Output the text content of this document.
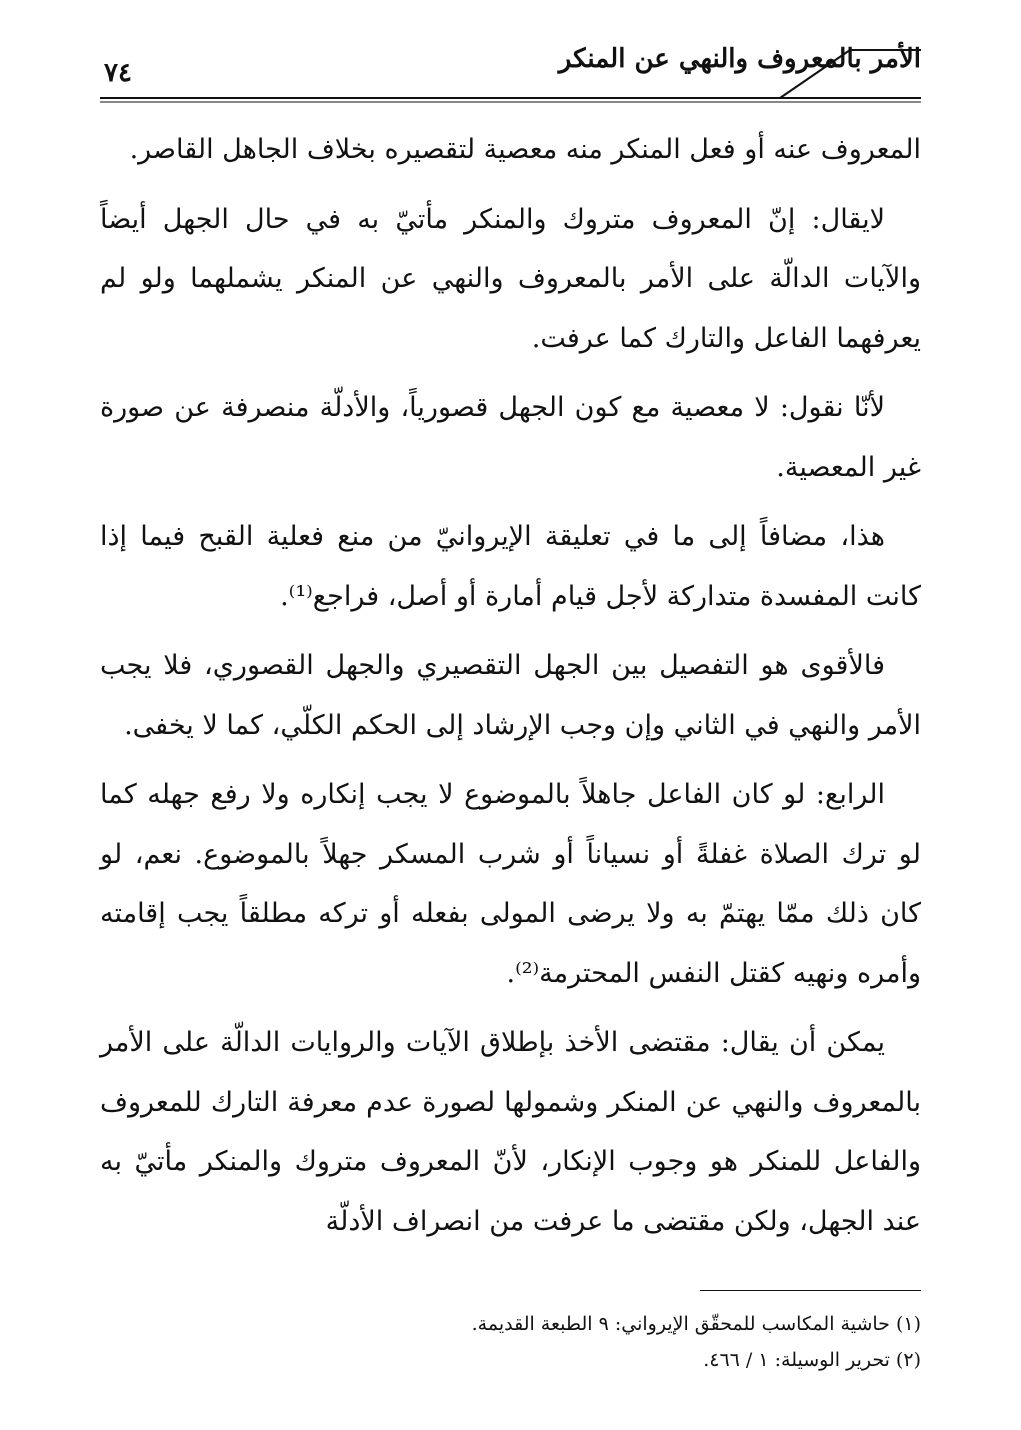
الأمر بالمعروف والنهي عن المنكر
٧٤

المعروف عنه أو فعل المنكر منه معصية لتقصيره بخلاف الجاهل القاصر.

لايقال: إنّ المعروف متروك والمنكر مأتيّ به في حال الجهل أيضاً والآيات الدالّة على الأمر بالمعروف والنهي عن المنكر يشملهما ولو لم يعرفهما الفاعل والتارك كما عرفت.

لأنّا نقول: لا معصية مع كون الجهل قصورياً، والأدلّة منصرفة عن صورة غير المعصية.

هذا، مضافاً إلى ما في تعليقة الإيروانيّ من منع فعلية القبح فيما إذا كانت المفسدة متداركة لأجل قيام أمارة أو أصل، فراجع⁽¹⁾.

فالأقوى هو التفصيل بين الجهل التقصيري والجهل القصوري، فلا يجب الأمر والنهي في الثاني وإن وجب الإرشاد إلى الحكم الكلّي، كما لا يخفى.

الرابع: لو كان الفاعل جاهلاً بالموضوع لا يجب إنكاره ولا رفع جهله كما لو ترك الصلاة غفلةً أو نسياناً أو شرب المسكر جهلاً بالموضوع. نعم، لو كان ذلك ممّا يهتمّ به ولا يرضى المولى بفعله أو تركه مطلقاً يجب إقامته وأمره ونهيه كقتل النفس المحترمة⁽²⁾.

يمكن أن يقال: مقتضى الأخذ بإطلاق الآيات والروايات الدالّة على الأمر بالمعروف والنهي عن المنكر وشمولها لصورة عدم معرفة التارك للمعروف والفاعل للمنكر هو وجوب الإنكار، لأنّ المعروف متروك والمنكر مأتيّ به عند الجهل، ولكن مقتضى ما عرفت من انصراف الأدلّة

(١) حاشية المكاسب للمحقّق الإيرواني: ٩ الطبعة القديمة.
(٢) تحرير الوسيلة: ١ / ٤٦٦.
